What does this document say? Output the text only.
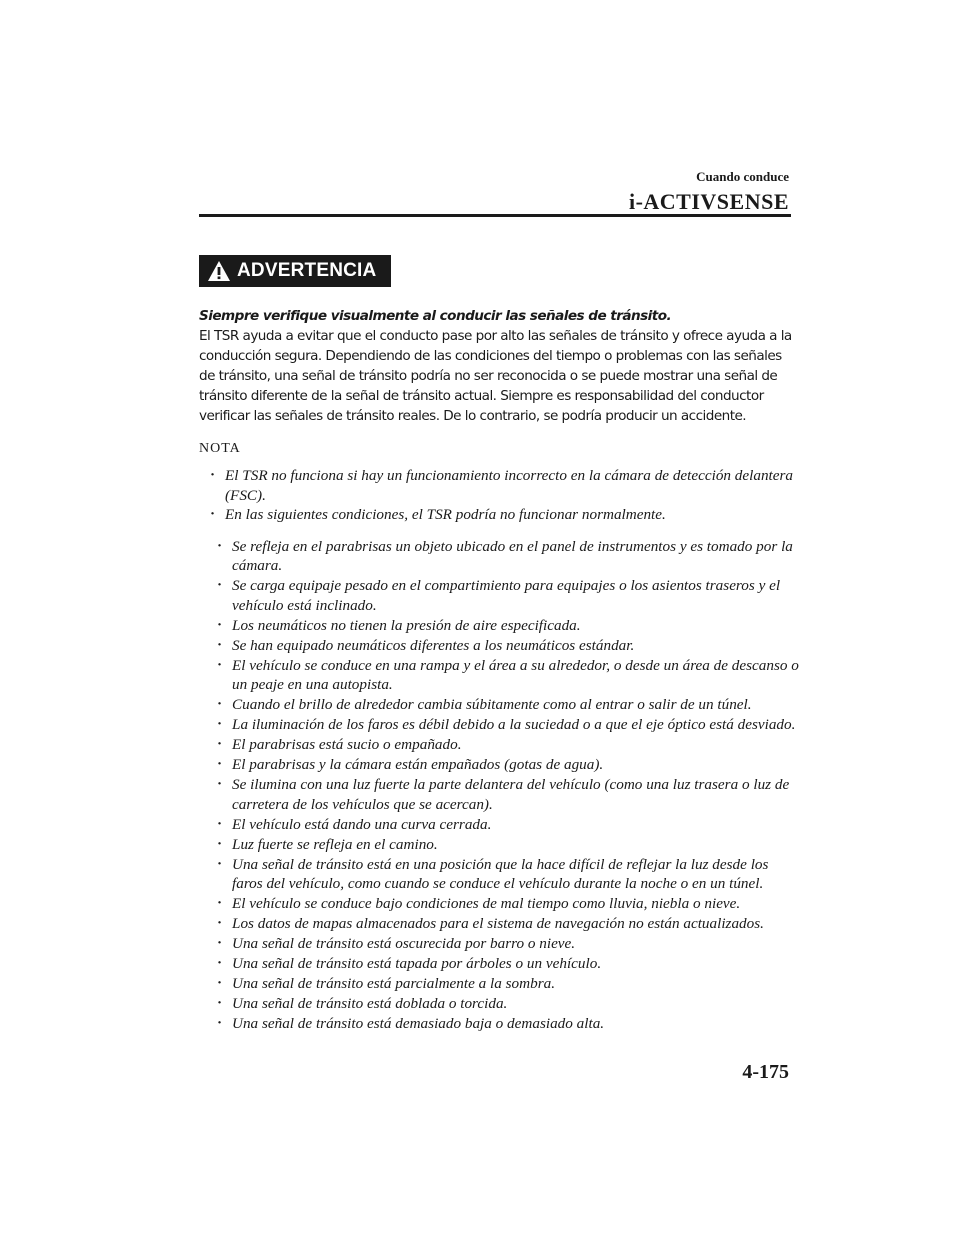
Cuando conduce
i-ACTIVSENSE
ADVERTENCIA

Siempre verifique visualmente al conducir las señales de tránsito.

El TSR ayuda a evitar que el conducto pase por alto las señales de tránsito y ofrece ayuda a la conducción segura. Dependiendo de las condiciones del tiempo o problemas con las señales de tránsito, una señal de tránsito podría no ser reconocida o se puede mostrar una señal de tránsito diferente de la señal de tránsito actual. Siempre es responsabilidad del conductor verificar las señales de tránsito reales. De lo contrario, se podría producir un accidente.

NOTA
· El TSR no funciona si hay un funcionamiento incorrecto en la cámara de detección delantera (FSC).
· En las siguientes condiciones, el TSR podría no funcionar normalmente.
· Se refleja en el parabrisas un objeto ubicado en el panel de instrumentos y es tomado por la cámara.
· Se carga equipaje pesado en el compartimiento para equipajes o los asientos traseros y el vehículo está inclinado.
· Los neumáticos no tienen la presión de aire especificada.
· Se han equipado neumáticos diferentes a los neumáticos estándar.
· El vehículo se conduce en una rampa y el área a su alrededor, o desde un área de descanso o un peaje en una autopista.
· Cuando el brillo de alrededor cambia súbitamente como al entrar o salir de un túnel.
· La iluminación de los faros es débil debido a la suciedad o a que el eje óptico está desviado.
· El parabrisas está sucio o empañado.
· El parabrisas y la cámara están empañados (gotas de agua).
· Se ilumina con una luz fuerte la parte delantera del vehículo (como una luz trasera o luz de carretera de los vehículos que se acercan).
· El vehículo está dando una curva cerrada.
· Luz fuerte se refleja en el camino.
· Una señal de tránsito está en una posición que la hace difícil de reflejar la luz desde los faros del vehículo, como cuando se conduce el vehículo durante la noche o en un túnel.
· El vehículo se conduce bajo condiciones de mal tiempo como lluvia, niebla o nieve.
· Los datos de mapas almacenados para el sistema de navegación no están actualizados.
· Una señal de tránsito está oscurecida por barro o nieve.
· Una señal de tránsito está tapada por árboles o un vehículo.
· Una señal de tránsito está parcialmente a la sombra.
· Una señal de tránsito está doblada o torcida.
· Una señal de tránsito está demasiado baja o demasiado alta.
4-175
